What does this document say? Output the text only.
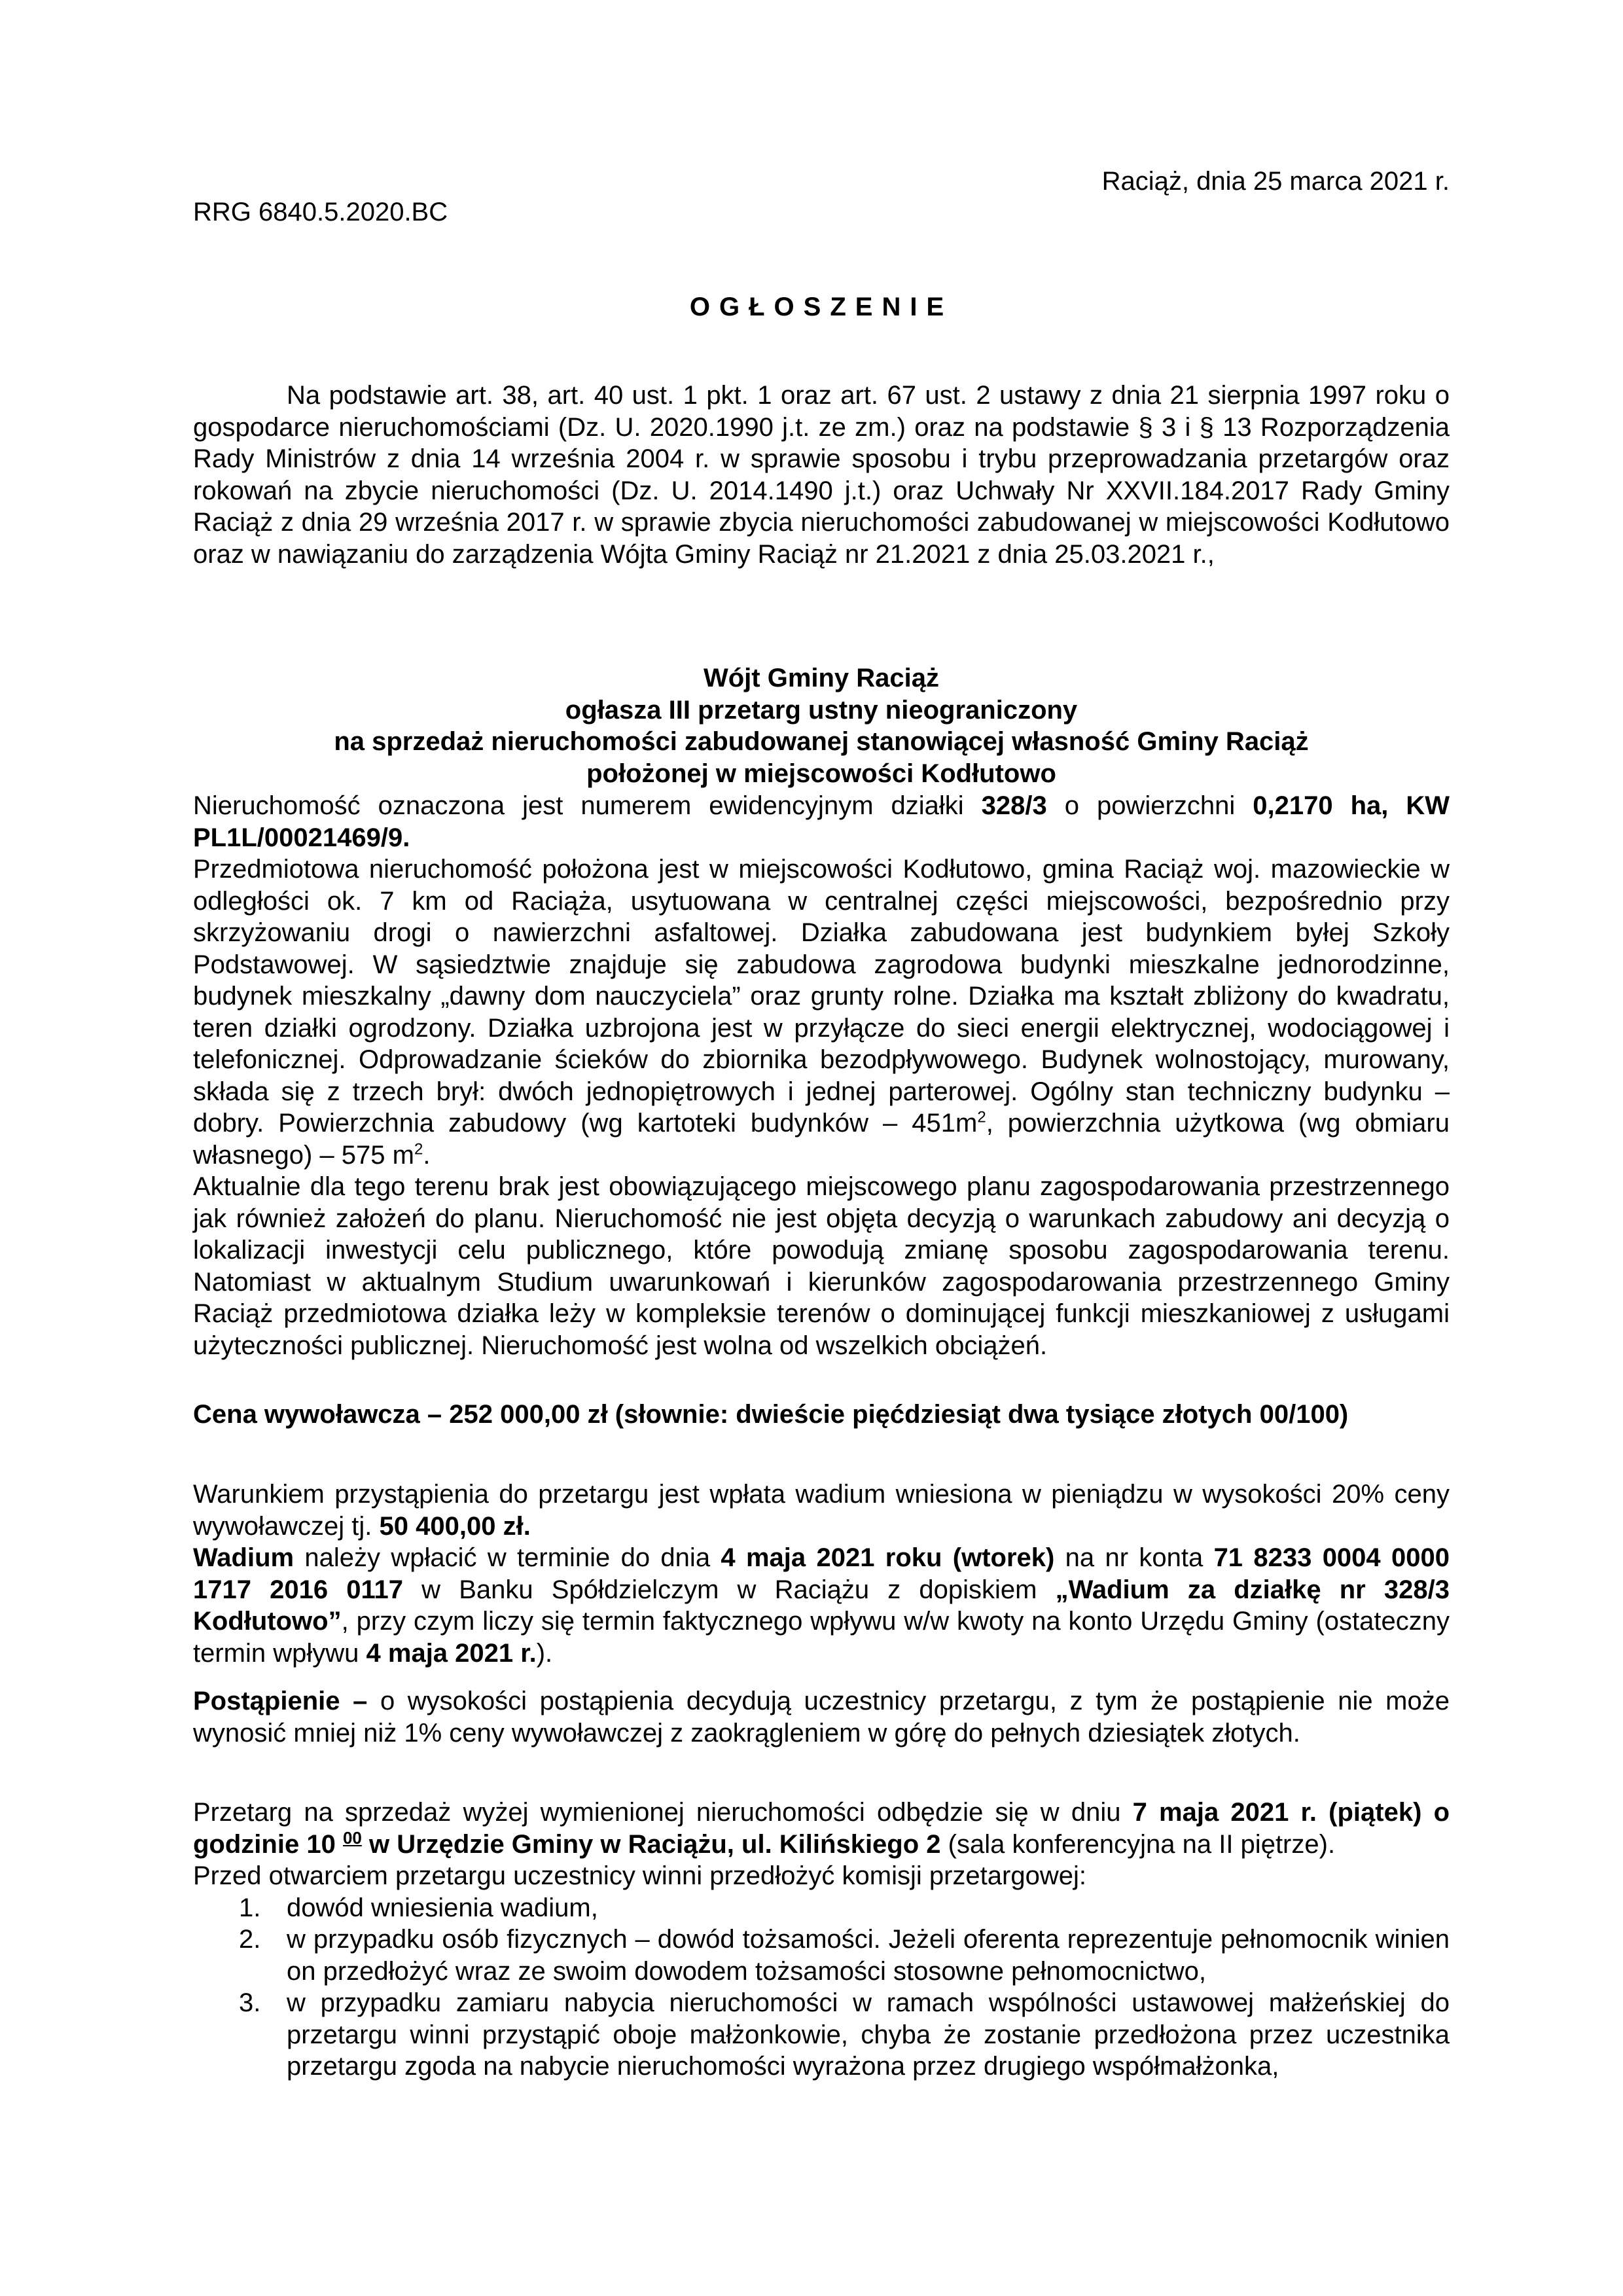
Raciąż, dnia 25 marca 2021 r.
RRG 6840.5.2020.BC
OGŁOSZENIE

Na podstawie art. 38, art. 40 ust. 1 pkt. 1 oraz art. 67 ust. 2 ustawy z dnia 21 sierpnia 1997 roku o gospodarce nieruchomościami (Dz. U. 2020.1990 j.t. ze zm.) oraz na podstawie § 3 i § 13 Rozporządzenia Rady Ministrów z dnia 14 września 2004 r. w sprawie sposobu i trybu przeprowadzania przetargów oraz rokowań na zbycie nieruchomości (Dz. U. 2014.1490 j.t.) oraz Uchwały Nr XXVII.184.2017 Rady Gminy Raciąż z dnia 29 września 2017 r. w sprawie zbycia nieruchomości zabudowanej w miejscowości Kodłutowo oraz w nawiązaniu do zarządzenia Wójta Gminy Raciąż nr 21.2021 z dnia 25.03.2021 r.,

Wójt Gminy Raciąż

ogłasza III przetarg ustny nieograniczony

na sprzedaż nieruchomości zabudowanej stanowiącej własność Gminy Raciąż

położonej w miejscowości Kodłutowo

Nieruchomość oznaczona jest numerem ewidencyjnym działki 328/3 o powierzchni 0,2170 ha, KW PL1L/00021469/9.

Przedmiotowa nieruchomość położona jest w miejscowości Kodłutowo, gmina Raciąż woj. mazowieckie w odległości ok. 7 km od Raciąża, usytuowana w centralnej części miejscowości, bezpośrednio przy skrzyżowaniu drogi o nawierzchni asfaltowej. Działka zabudowana jest budynkiem byłej Szkoły Podstawowej. W sąsiedztwie znajduje się zabudowa zagrodowa budynki mieszkalne jednorodzinne, budynek mieszkalny „dawny dom nauczyciela” oraz grunty rolne. Działka ma kształt zbliżony do kwadratu, teren działki ogrodzony. Działka uzbrojona jest w przyłącze do sieci energii elektrycznej, wodociągowej i telefonicznej. Odprowadzanie ścieków do zbiornika bezodpływowego. Budynek wolnostojący, murowany, składa się z trzech brył: dwóch jednopiętrowych i jednej parterowej. Ogólny stan techniczny budynku – dobry. Powierzchnia zabudowy (wg kartoteki budynków – $451m^2$, powierzchnia użytkowa (wg obmiaru własnego) – 575 $m^2$.

Aktualnie dla tego terenu brak jest obowiązującego miejscowego planu zagospodarowania przestrzennego jak również założeń do planu. Nieruchomość nie jest objęta decyzją o warunkach zabudowy ani decyzją o lokalizacji inwestycji celu publicznego, które powodują zmianę sposobu zagospodarowania terenu. Natomiast w aktualnym Studium uwarunkowań i kierunków zagospodarowania przestrzennego Gminy Raciąż przedmiotowa działka leży w kompleksie terenów o dominującej funkcji mieszkaniowej z usługami użyteczności publicznej. Nieruchomość jest wolna od wszelkich obciążeń.

Cena wywoławcza – 252 000,00 zł (słownie: dwieście pięćdziesiąt dwa tysiące złotych 00/100)

Warunkiem przystąpienia do przetargu jest wpłata wadium wniesiona w pieniądzu w wysokości 20% ceny wywoławczej tj. 50 400,00 zł.

Wadium należy wpłacić w terminie do dnia 4 maja 2021 roku (wtorek) na nr konta 71 8233 0004 0000 1717 2016 0117 w Banku Spółdzielczym w Raciążu z dopiskiem „Wadium za działkę nr 328/3 Kodłutowo”, przy czym liczy się termin faktycznego wpływu w/w kwoty na konto Urzędu Gminy (ostateczny termin wpływu 4 maja 2021 r.).

Postąpienie – o wysokości postąpienia decydują uczestnicy przetargu, z tym że postąpienie nie może wynosić mniej niż 1% ceny wywoławczej z zaokrągleniem w górę do pełnych dziesiątek złotych.

Przetarg na sprzedaż wyżej wymienionej nieruchomości odbędzie się w dniu 7 maja 2021 r. (piątek) o godzinie 10 $^{00}$ w Urzędzie Gminy w Raciążu, ul. Kilińskiego 2 (sala konferencyjna na II piętrze).

Przed otwarciem przetargu uczestnicy winni przedłożyć komisji przetargowej:

1. dowód wniesienia wadium,
2. w przypadku osób fizycznych – dowód tożsamości. Jeżeli oferenta reprezentuje pełnomocnik winien on przedłożyć wraz ze swoim dowodem tożsamości stosowne pełnomocnictwo,
3. w przypadku zamiaru nabycia nieruchomości w ramach wspólności ustawowej małżeńskiej do przetargu winni przystąpić oboje małżonkowie, chyba że zostanie przedłożona przez uczestnika przetargu zgoda na nabycie nieruchomości wyrażona przez drugiego współmałżonka,
